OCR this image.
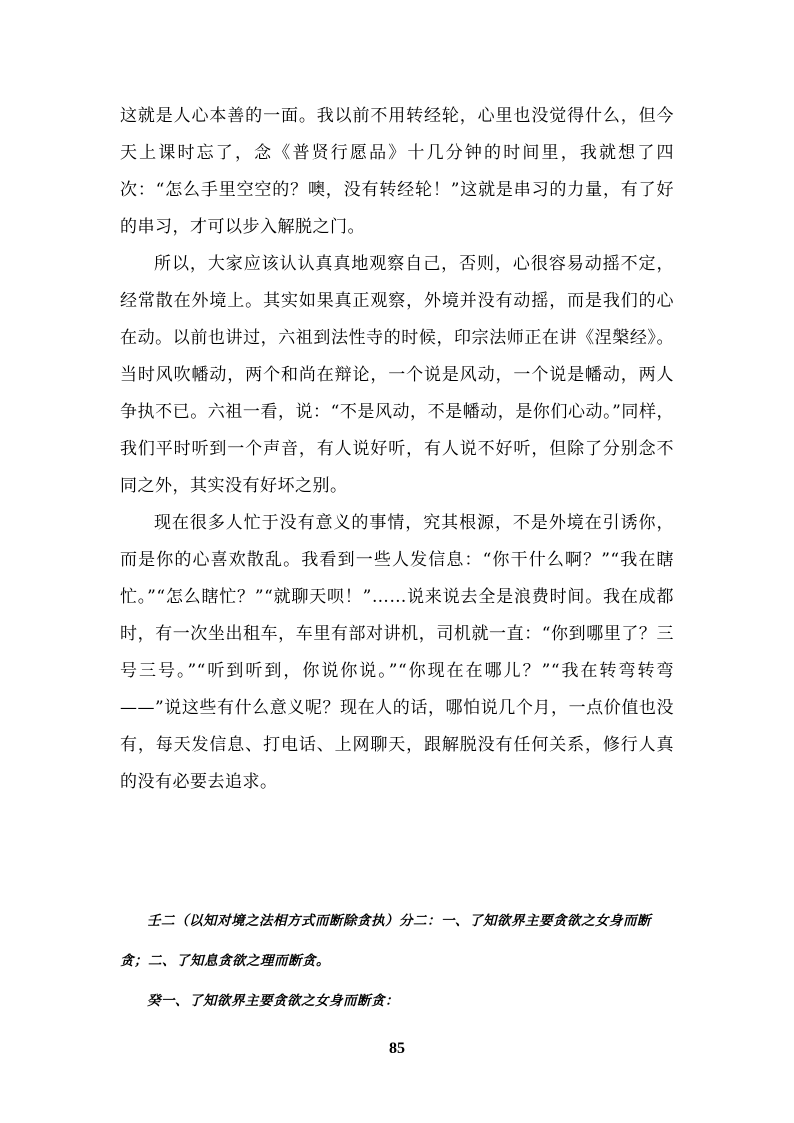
这就是人心本善的一面。我以前不用转经轮，心里也没觉得什么，但今天上课时忘了，念《普贤行愿品》十几分钟的时间里，我就想了四次：“怎么手里空空的？噢，没有转经轮！”这就是串习的力量，有了好的串习，才可以步入解脱之门。

所以，大家应该认认真真地观察自己，否则，心很容易动摇不定，经常散在外境上。其实如果真正观察，外境并没有动摇，而是我们的心在动。以前也讲过，六祖到法性寺的时候，印宗法师正在讲《涅槃经》。当时风吹幡动，两个和尚在辩论，一个说是风动，一个说是幡动，两人争执不已。六祖一看，说：“不是风动，不是幡动，是你们心动。”同样，我们平时听到一个声音，有人说好听，有人说不好听，但除了分别念不同之外，其实没有好坏之别。

现在很多人忙于没有意义的事情，究其根源，不是外境在引诱你，而是你的心喜欢散乱。我看到一些人发信息：“你干什么啊？”“我在瞎忙。”“怎么瞎忙？”“就聊天呗！”……说来说去全是浪费时间。我在成都时，有一次坐出租车，车里有部对讲机，司机就一直：“你到哪里了？三号三号。”“听到听到，你说你说。”“你现在在哪儿？”“我在转弯转弯——”说这些有什么意义呢？现在人的话，哪怕说几个月，一点价值也没有，每天发信息、打电话、上网聊天，跟解脱没有任何关系，修行人真的没有必要去追求。

壬二（以知对境之法相方式而断除贪执）分二：一、了知欲界主要贪欲之女身而断贪；二、了知息贪欲之理而断贪。

癸一、了知欲界主要贪欲之女身而断贪：

85
